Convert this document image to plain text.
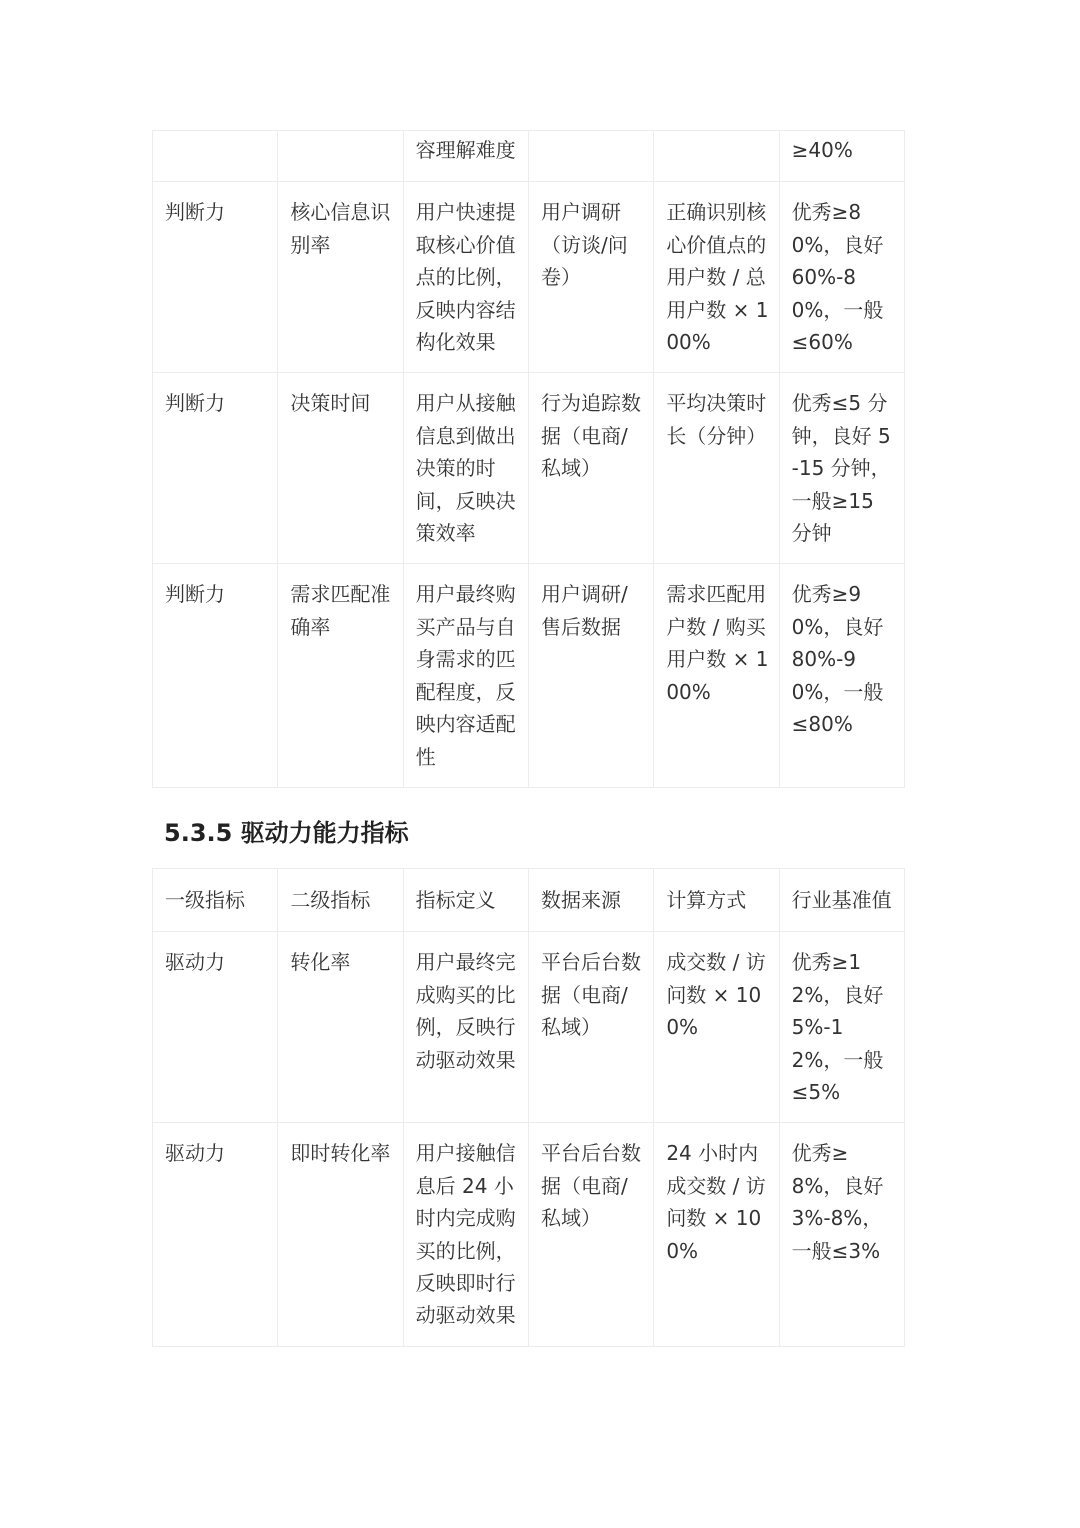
		容理解难度			≥40%
判断力	核心信息识别率	用户快速提取核心价值点的比例，反映内容结构化效果	用户调研（访谈/问卷）	正确识别核心价值点的用户数 / 总用户数 × 100%	优秀≥80%，良好 60%-80%，一般≤60%
判断力	决策时间	用户从接触信息到做出决策的时间，反映决策效率	行为追踪数据（电商/私域）	平均决策时长（分钟）	优秀≤5 分钟，良好 5-15 分钟，一般≥15 分钟
判断力	需求匹配准确率	用户最终购买产品与自身需求的匹配程度，反映内容适配性	用户调研/售后数据	需求匹配用户数 / 购买用户数 × 100%	优秀≥90%，良好 80%-90%，一般≤80%
5.3.5 驱动力能力指标
一级指标	二级指标	指标定义	数据来源	计算方式	行业基准值
驱动力	转化率	用户最终完成购买的比例，反映行动驱动效果	平台后台数据（电商/私域）	成交数 / 访问数 × 100%	优秀≥12%，良好 5%-12%，一般≤5%
驱动力	即时转化率	用户接触信息后 24 小时内完成购买的比例，反映即时行动驱动效果	平台后台数据（电商/私域）	24 小时内成交数 / 访问数 × 100%	优秀≥8%，良好 3%-8%，一般≤3%
